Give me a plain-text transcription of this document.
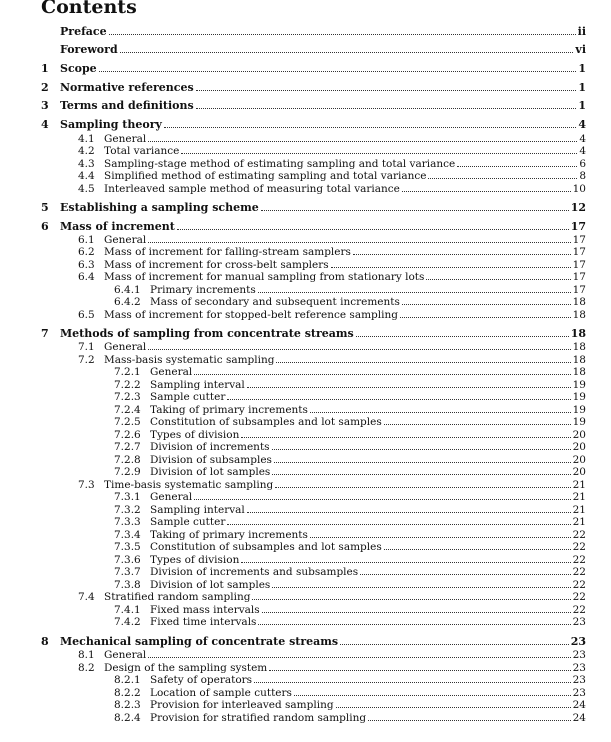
Contents
Preface	ii
Foreword	vi
1	Scope	1
2	Normative references	1
3	Terms and definitions	1
4	Sampling theory	4
4.1 General	4
4.2 Total variance	4
4.3 Sampling-stage method of estimating sampling and total variance	6
4.4 Simplified method of estimating sampling and total variance	8
4.5 Interleaved sample method of measuring total variance	10
5	Establishing a sampling scheme	12
6	Mass of increment	17
6.1 General	17
6.2 Mass of increment for falling-stream samplers	17
6.3 Mass of increment for cross-belt samplers	17
6.4 Mass of increment for manual sampling from stationary lots	17
6.4.1 Primary increments	17
6.4.2 Mass of secondary and subsequent increments	18
6.5 Mass of increment for stopped-belt reference sampling	18
7	Methods of sampling from concentrate streams	18
7.1 General	18
7.2 Mass-basis systematic sampling	18
7.2.1 General	18
7.2.2 Sampling interval	19
7.2.3 Sample cutter	19
7.2.4 Taking of primary increments	19
7.2.5 Constitution of subsamples and lot samples	19
7.2.6 Types of division	20
7.2.7 Division of increments	20
7.2.8 Division of subsamples	20
7.2.9 Division of lot samples	20
7.3 Time-basis systematic sampling	21
7.3.1 General	21
7.3.2 Sampling interval	21
7.3.3 Sample cutter	21
7.3.4 Taking of primary increments	22
7.3.5 Constitution of subsamples and lot samples	22
7.3.6 Types of division	22
7.3.7 Division of increments and subsamples	22
7.3.8 Division of lot samples	22
7.4 Stratified random sampling	22
7.4.1 Fixed mass intervals	22
7.4.2 Fixed time intervals	23
8	Mechanical sampling of concentrate streams	23
8.1 General	23
8.2 Design of the sampling system	23
8.2.1 Safety of operators	23
8.2.2 Location of sample cutters	23
8.2.3 Provision for interleaved sampling	24
8.2.4 Provision for stratified random sampling	24
